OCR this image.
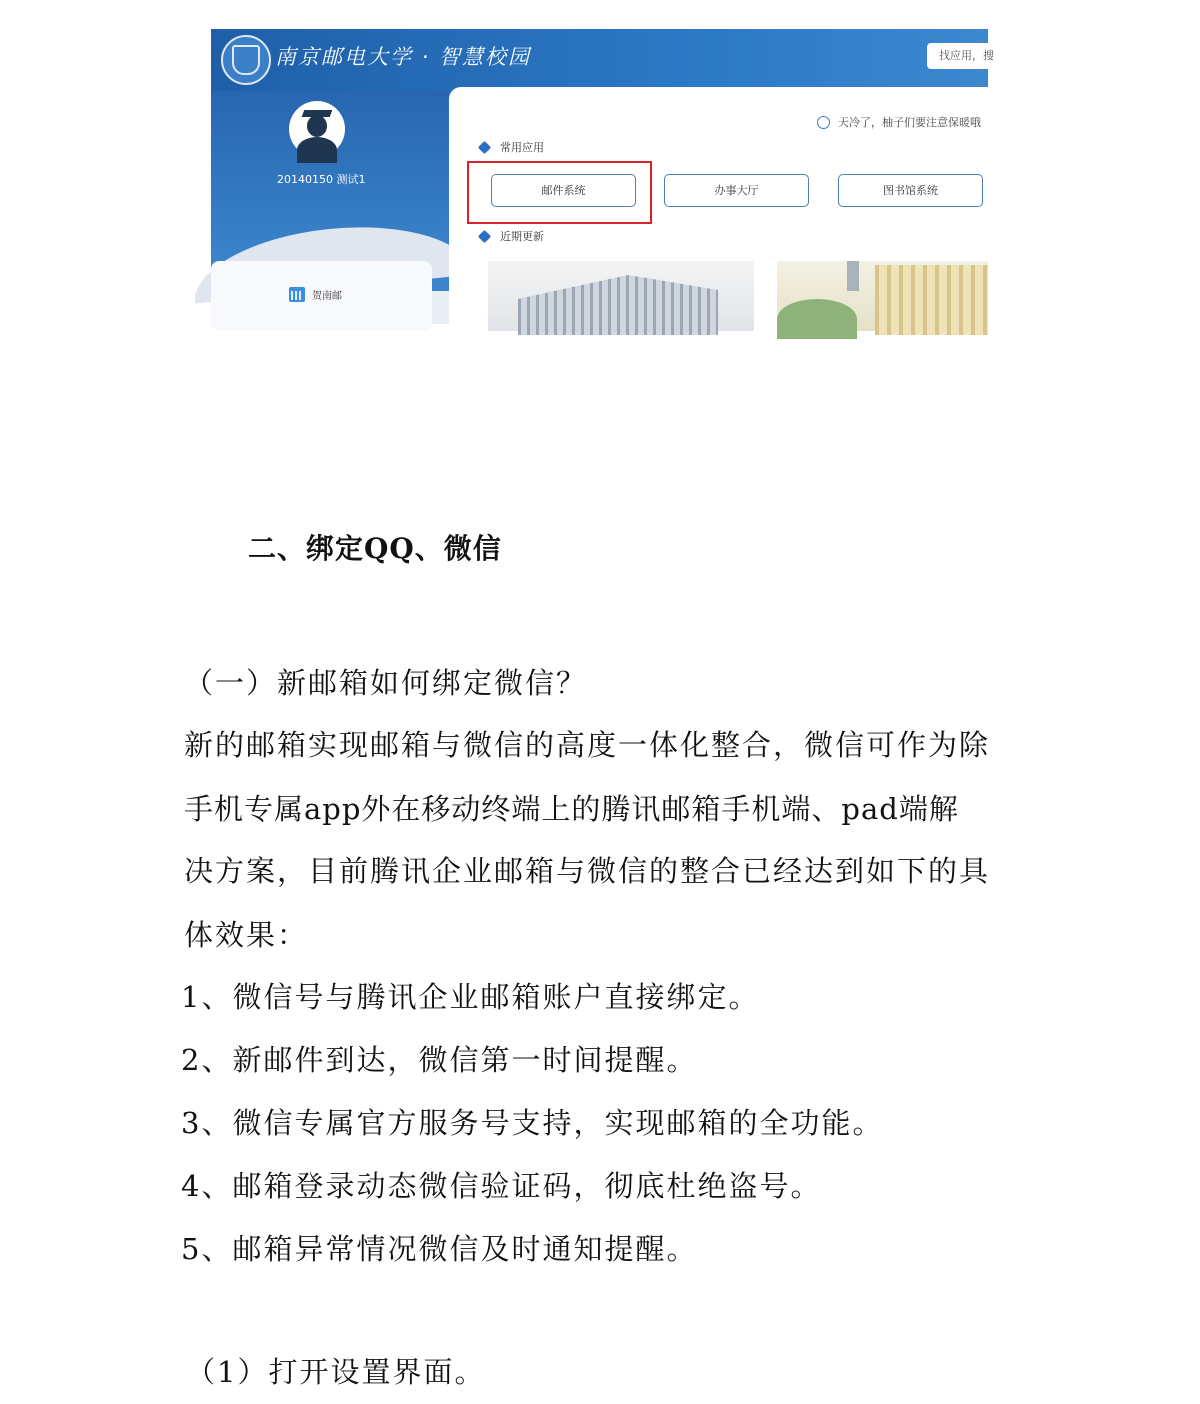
南京邮电大学 · 智慧校园	找应用，搜
20140150 测试1
贺南邮
天冷了，柚子们要注意保暖哦
常用应用
邮件系统	办事大厅	图书馆系统
近期更新
二、绑定QQ、微信
（一）新邮箱如何绑定微信？
新的邮箱实现邮箱与微信的高度一体化整合，微信可作为除
手机专属app外在移动终端上的腾讯邮箱手机端、pad端解
决方案，目前腾讯企业邮箱与微信的整合已经达到如下的具
体效果：
1、微信号与腾讯企业邮箱账户直接绑定。
2、新邮件到达，微信第一时间提醒。
3、微信专属官方服务号支持，实现邮箱的全功能。
4、邮箱登录动态微信验证码，彻底杜绝盗号。
5、邮箱异常情况微信及时通知提醒。
（1）打开设置界面。
